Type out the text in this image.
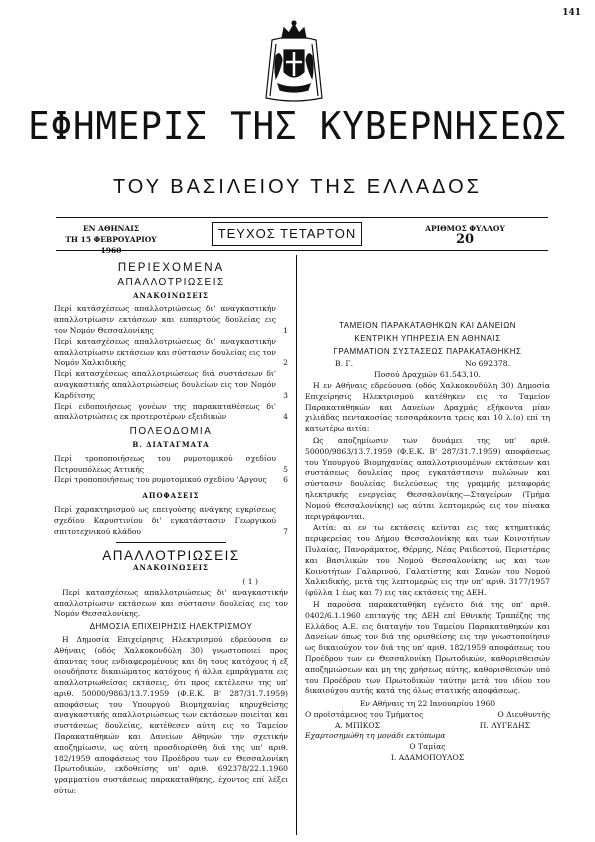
141
ΕΦΗΜΕΡΙΣ ΤΗΣ ΚΥΒΕΡΝΗΣΕΩΣ
ΤΟΥ ΒΑΣΙΛΕΙΟΥ ΤΗΣ ΕΛΛΑΔΟΣ
ΕΝ ΑΘΗΝΑΙΣ
ΤΗ 15 ΦΕΒΡΟΥΑΡΙΟΥ 1960
ΤΕΥΧΟΣ ΤΕΤΑΡΤΟΝ	ΑΡΙΘΜΟΣ ΦΥΛΛΟΥ
20
ΠΕΡΙΕΧΟΜΕΝΑ
ΑΠΑΛΛΟΤΡΙΩΣΕΙΣ
ΑΝΑΚΟΙΝΩΣΕΙΣ
Περί κατάσχέσεως απαλλοτριώσεως δι' αναγκαστικήν απαλλοτρίωσιν εκτάσεων και ευπαρτούς δουλείας εις τον Νομόν Θεσσαλονίκης	1
Περί κατασχέσεως απαλλοτριώσεως δι' αναγκαστικήν απαλλοτρίωσιν εκτάσεων και σύστασιν δουλείας εις τον Νομόν Χαλκιδικής	2
Περί κατασχέσεως απαλλοτριώσεως διά συστάσεων δι' αναγκαστικής απαλλοτριώσεως δουλείων εις τον Νομόν Καρδίτσης	3
Περί ειδοποιήσεως γονέων της παρακαταθέσεως δι' απαλλοτριώσεις εκ προτεροτέρων εξειδικών	4
ΠΟΛΕΟΔΟΜΙΑ
Β. ΔΙΑΤΑΓΜΑΤΑ
Περί τροποποιήσεως του ρυμοτομικού σχεδίου Πετρουπόλεως Αττικής	5
Περί τροποποιήσεως του ρυμοτομικού σχεδίου 'Αργους	6
ΑΠΟΦΑΣΕΙΣ
Περί χαρακτηρισμού ως επειγούσης ανάγκης εγκρίσεως σχεδίου Καρυστινίου δι' εγκατάστασιν Γεωργικού σπιτοτεχνικού κλάδου	7
ΑΠΑΛΛΟΤΡΙΩΣΕΙΣ
ΑΝΑΚΟΙΝΩΣΕΙΣ
( 1 )

Περί κατασχέσεως απαλλοτριώσεως δι' αναγκαστικήν απαλλοτρίωσιν εκτάσεων και σύστασιν δουλείας εις τον Νομόν Θεσσαλονίκης.

ΔΗΜΟΣΙΑ ΕΠΙΧΕΙΡΗΣΙΣ ΗΛΕΚΤΡΙΣΜΟΥ

Η Δημοσία Επιχείρησις Ηλεκτρισμού εδρεύουσα εν Αθήναις (οδός Χαλκοκονδύλη 30) γνωστοποιεί προς άπαντας τους ενδιαφερομένους και δη τους κατόχους ή εξ οιουδήποτε δικαιώματος κατόχους ή άλλα εμπράγματα εις απαλλοτριωθείσας εκτάσεις, ότι προς εκτέλεσιν της υπ' αριθ. 50000/9863/13.7.1959 (Φ.Ε.Κ. Β' 287/31.7.1959) αποφάσεως του Υπουργού Βιομηχανίας κηρυχθείσης αναγκαστικής απαλλοτριώσεως των εκτάσεων ποιείται και συστάσεως δουλείας, κατέθεσεν αύτη εις το Ταμείον Παρακαταθηκών και Δανείων Αθηνών την σχετικήν αποζημίωσιν, ως αύτη προσδιορίσθη διά της υπ' αριθ. 182/1959 αποφάσεως του Προέδρου των εν Θεσσαλονίκη Πρωτοδικών, εκδοθείσης υπ' αριθ. 692378/22.1.1960 γραμματίου συστάσεως παρακαταθήκης, έχοντος επί λέξει ούτω:

ΤΑΜΕΙΟΝ ΠΑΡΑΚΑΤΑΘΗΚΩΝ ΚΑΙ ΔΑΝΕΙΩΝ
ΚΕΝΤΡΙΚΗ ΥΠΗΡΕΣΙΑ ΕΝ ΑΘΗΝΑΙΣ
ΓΡΑΜΜΑΤΙΟΝ ΣΥΣΤΑΣΕΩΣ ΠΑΡΑΚΑΤΑΘΗΚΗΣ
Β. Γ.	Νο 692378.
Ποσού Δραχμών 61.543,10.

Η εν Αθήναις εδρεύουσα (οδός Χαλκοκονδύλη 30) Δημοσία Επιχείρησις Ηλεκτρισμού κατέθηκεν εις το Ταμείον Παρακαταθηκών και Δανείων Δραχμάς εξήκοντα μίαν χιλιάδας πεντακοσίας τεσσαράκοντα τρεις και 10 λ.(ο) επί τη κατωτέρω αιτία:

Ως αποζημίωσιν των δυνάμει της υπ' αριθ. 50000/9863/13.7.1959 (Φ.Ε.Κ. Β' 287/31.7.1959) αποφάσεως του Υπουργού Βιομηχανίας απαλλοτριουμένων εκτάσεων και συστάσεως δουλείας προς εγκατάστασιν πυλώνων και σύστασιν δουλείας διελεύσεως της γραμμής μεταφοράς ηλεκτρικής ενεργείας Θεσσαλονίκης—Σταγείρων (Τμήμα Νομού Θεσσαλονίκης) ως αύται λεπτομερώς εις τον πίνακα περιγράφονται.

Αιτία: αι εν τω εκτάσεις κείνται εις τας κτηματικάς περιφερείας του Δήμου Θεσσαλονίκης και των Κοινοτήτων Πυλαίας, Πανοράματος, Θέρμης, Νέας Ραιδεστού, Περιστέρας και Βασιλικών του Νομού Θεσσαλονίκης ως και των Κοινοτήτων Γαλαρινού, Γαλατίστης και Σανών του Νομού Χαλκιδικής, μετά της λεπτομερώς εις την υπ' αριθ. 3177/1957 (φύλλα 1 έως και 7) εις τας εκτάσεις της ΔΕΗ.

Η παρούσα παρακαταθήκη εγένετο διά της υπ' αριθ. 0402/6.1.1960 επιταγής της ΔΕΗ επί Εθνικής Τραπέζης της Ελλάδος Α.Ε. εις διαταγήν του Ταμείου Παρακαταθηκών και Δανείων όπως τον διά της ορισθείσης εις την γνωστοποίησιν ως δικαιούχον τον διά της υπ' αριθ. 182/1959 αποφάσεως του Προέδρου των εν Θεσσαλονίκη Πρωτοδικών, καθορισθεισών αποζημιώσεων και μη της χρήσεως αύτης, καθορισθεισών υπό του Προέδρου των Πρωτοδικών ταύτην μετά του ιδίου του δικαιούχου αυτής κατά της όλως στατικής αποφάσεως.

Εν Αθήναις τη 22 Ιανουαρίου 1960
Ο προϊστάμενος του Τμήματος	Ο Διευθυντής
Α. ΜΠΙΚΟΣ	Π. ΛΥΓΕΔΗΣ
Εχαρτοσημώθη τη μονάδι εκτύπωμα
Ο Ταμίας
Ι. ΑΔΑΜΟΠΟΥΛΟΣ
